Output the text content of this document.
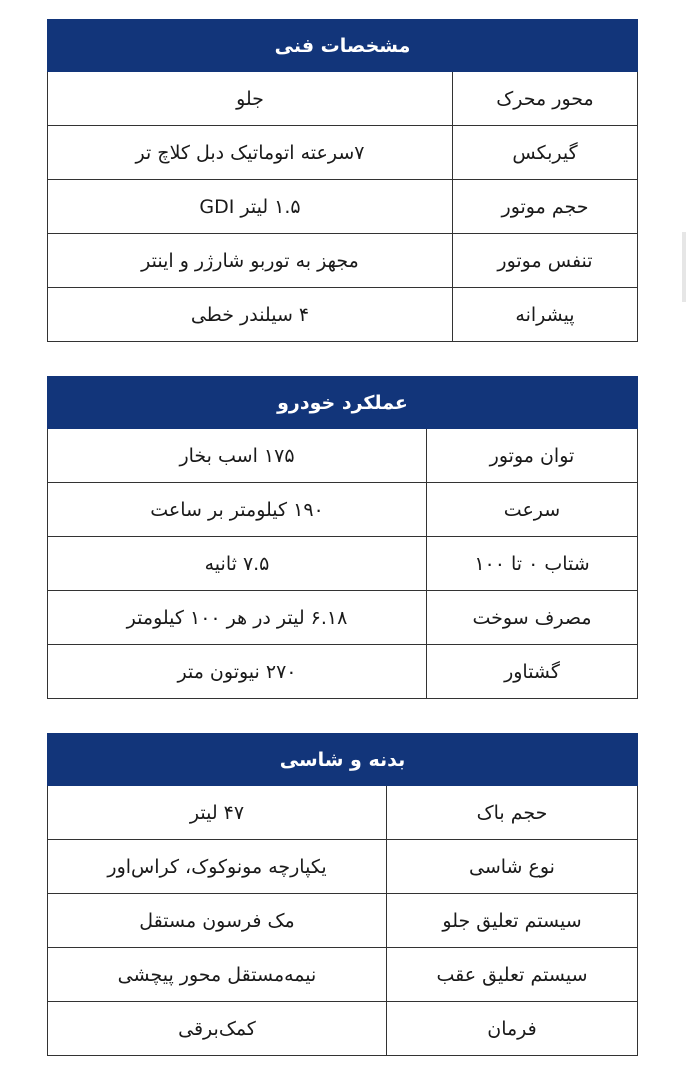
مشخصات فنی	
محور محرک	جلو
گیربکس	۷سرعته اتوماتیک دبل کلاچ تر
حجم موتور	۱.۵ لیتر GDI
تنفس موتور	مجهز به توربو شارژر و اینتر
پیشرانه	۴ سیلندر خطی
عملکرد خودرو	
توان موتور	۱۷۵ اسب بخار
سرعت	۱۹۰ کیلومتر بر ساعت
شتاب ۰ تا ۱۰۰	۷.۵ ثانیه
مصرف سوخت	۶.۱۸ لیتر در هر ۱۰۰ کیلومتر
گشتاور	۲۷۰ نیوتون متر
بدنه و شاسی	
حجم باک	۴۷ لیتر
نوع شاسی	یکپارچه مونوکوک، کراس‌اور
سیستم تعلیق جلو	مک فرسون مستقل
سیستم تعلیق عقب	نیمه‌مستقل محور پیچشی
فرمان	کمک‌برقی
